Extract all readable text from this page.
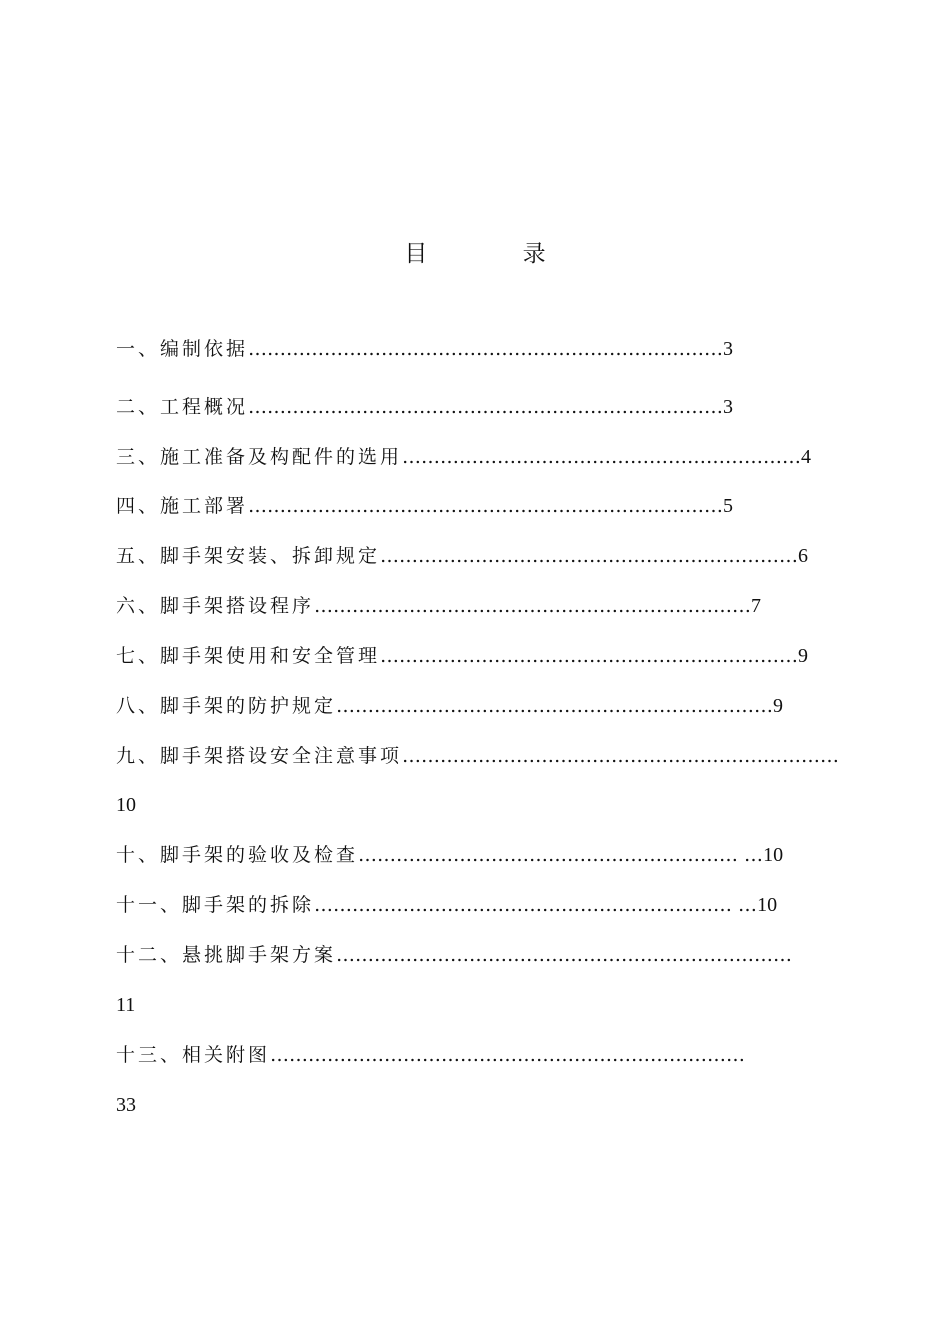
目 录
一、编制依据…………………………………………………………………3
二、工程概况…………………………………………………………………3
三、施工准备及构配件的选用………………………………………………………4
四、施工部署…………………………………………………………………5
五、脚手架安装、拆卸规定…………………………………………………………6
六、脚手架搭设程序……………………………………………………………7
七、脚手架使用和安全管理…………………………………………………………9
八、脚手架的防护规定……………………………………………………………9
九、脚手架搭设安全注意事项……………………………………………………………
10
十、脚手架的验收及检查…………………………………………………… …10
十一、脚手架的拆除………………………………………………………… …10
十二、悬挑脚手架方案………………………………………………………………
11
十三、相关附图…………………………………………………………………
33
